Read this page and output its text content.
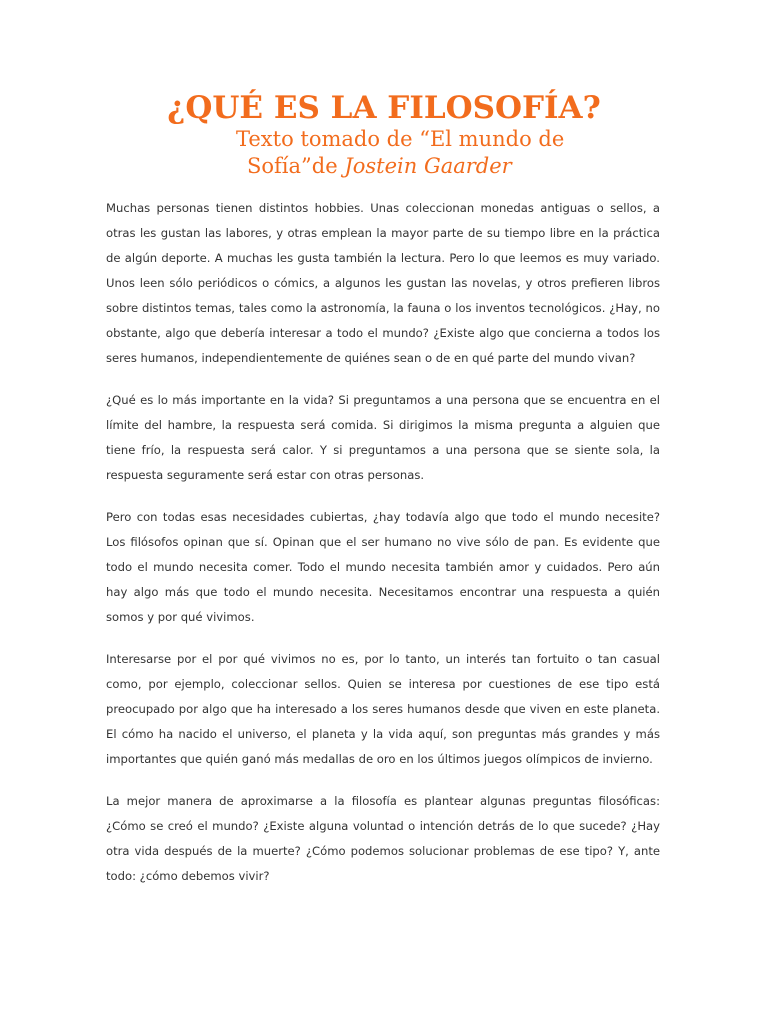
¿QUÉ ES LA FILOSOFÍA?
Texto tomado de “El mundo de
Sofía”de Jostein Gaarder

Muchas personas tienen distintos hobbies. Unas coleccionan monedas antiguas o sellos, a otras les gustan las labores, y otras emplean la mayor parte de su tiempo libre en la práctica de algún deporte. A muchas les gusta también la lectura. Pero lo que leemos es muy variado. Unos leen sólo periódicos o cómics, a algunos les gustan las novelas, y otros prefieren libros sobre distintos temas, tales como la astronomía, la fauna o los inventos tecnológicos. ¿Hay, no obstante, algo que debería interesar a todo el mundo? ¿Existe algo que concierna a todos los seres humanos, independientemente de quiénes sean o de en qué parte del mundo vivan?

¿Qué es lo más importante en la vida? Si preguntamos a una persona que se encuentra en el límite del hambre, la respuesta será comida. Si dirigimos la misma pregunta a alguien que tiene frío, la respuesta será calor. Y si preguntamos a una persona que se siente sola, la respuesta seguramente será estar con otras personas.

Pero con todas esas necesidades cubiertas, ¿hay todavía algo que todo el mundo necesite? Los filósofos opinan que sí. Opinan que el ser humano no vive sólo de pan. Es evidente que todo el mundo necesita comer. Todo el mundo necesita también amor y cuidados. Pero aún hay algo más que todo el mundo necesita. Necesitamos encontrar una respuesta a quién somos y por qué vivimos.

Interesarse por el por qué vivimos no es, por lo tanto, un interés tan fortuito o tan casual como, por ejemplo, coleccionar sellos. Quien se interesa por cuestiones de ese tipo está preocupado por algo que ha interesado a los seres humanos desde que viven en este planeta. El cómo ha nacido el universo, el planeta y la vida aquí, son preguntas más grandes y más importantes que quién ganó más medallas de oro en los últimos juegos olímpicos de invierno.

La mejor manera de aproximarse a la filosofía es plantear algunas preguntas filosóficas: ¿Cómo se creó el mundo? ¿Existe alguna voluntad o intención detrás de lo que sucede? ¿Hay otra vida después de la muerte? ¿Cómo podemos solucionar problemas de ese tipo? Y, ante todo: ¿cómo debemos vivir?
